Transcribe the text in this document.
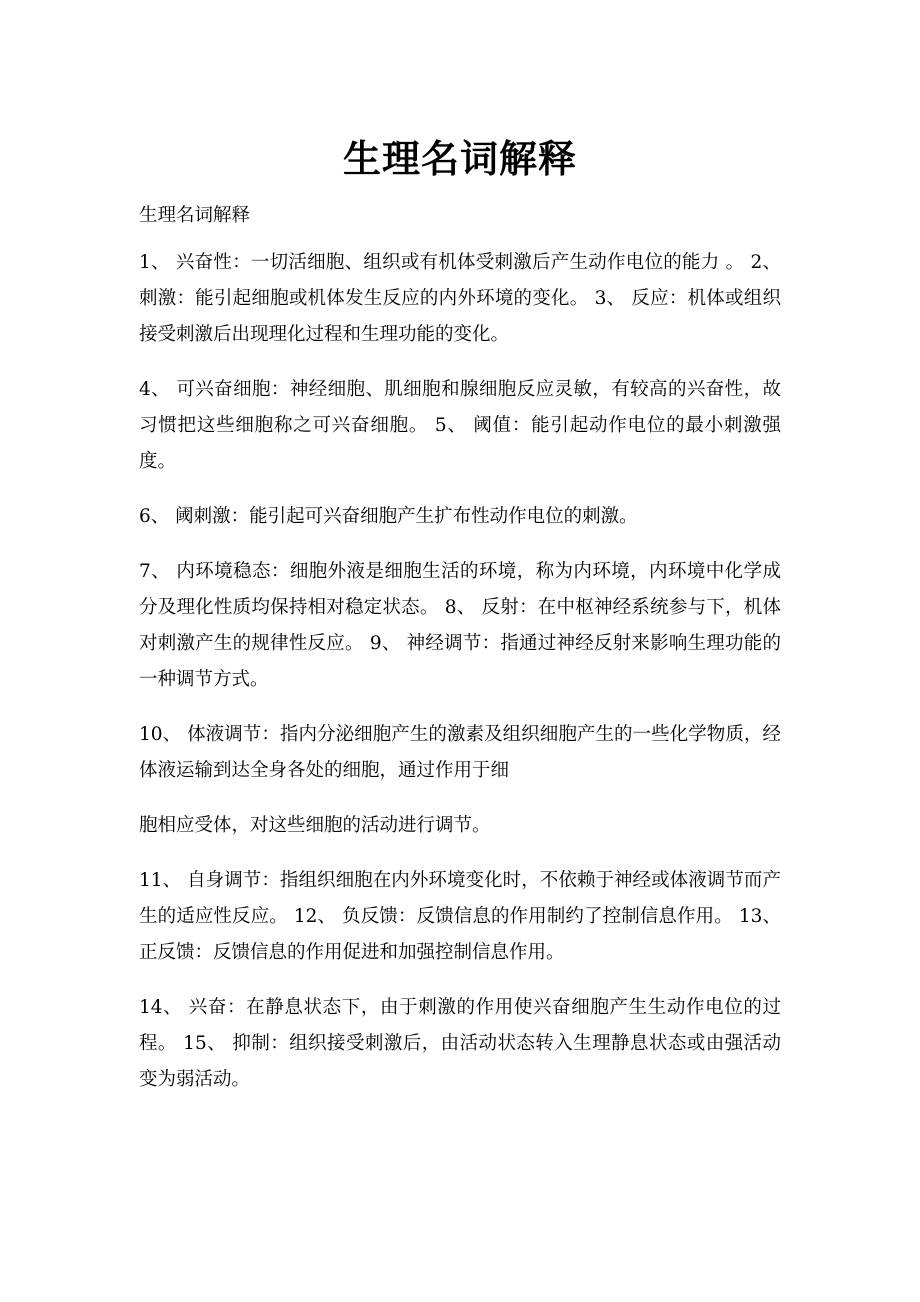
生理名词解释

生理名词解释

1、 兴奋性：一切活细胞、组织或有机体受刺激后产生动作电位的能力 。 2、 刺激：能引起细胞或机体发生反应的内外环境的变化。 3、 反应：机体或组织接受刺激后出现理化过程和生理功能的变化。

4、 可兴奋细胞：神经细胞、肌细胞和腺细胞反应灵敏，有较高的兴奋性，故习惯把这些细胞称之可兴奋细胞。 5、 阈值：能引起动作电位的最小刺激强度。

6、 阈刺激：能引起可兴奋细胞产生扩布性动作电位的刺激。

7、 内环境稳态：细胞外液是细胞生活的环境，称为内环境，内环境中化学成分及理化性质均保持相对稳定状态。 8、 反射：在中枢神经系统参与下，机体对刺激产生的规律性反应。 9、 神经调节：指通过神经反射来影响生理功能的一种调节方式。

10、 体液调节：指内分泌细胞产生的激素及组织细胞产生的一些化学物质，经体液运输到达全身各处的细胞，通过作用于细

胞相应受体，对这些细胞的活动进行调节。

11、 自身调节：指组织细胞在内外环境变化时，不依赖于神经或体液调节而产生的适应性反应。 12、 负反馈：反馈信息的作用制约了控制信息作用。 13、 正反馈：反馈信息的作用促进和加强控制信息作用。

14、 兴奋：在静息状态下，由于刺激的作用使兴奋细胞产生生动作电位的过程。 15、 抑制：组织接受刺激后，由活动状态转入生理静息状态或由强活动变为弱活动。
